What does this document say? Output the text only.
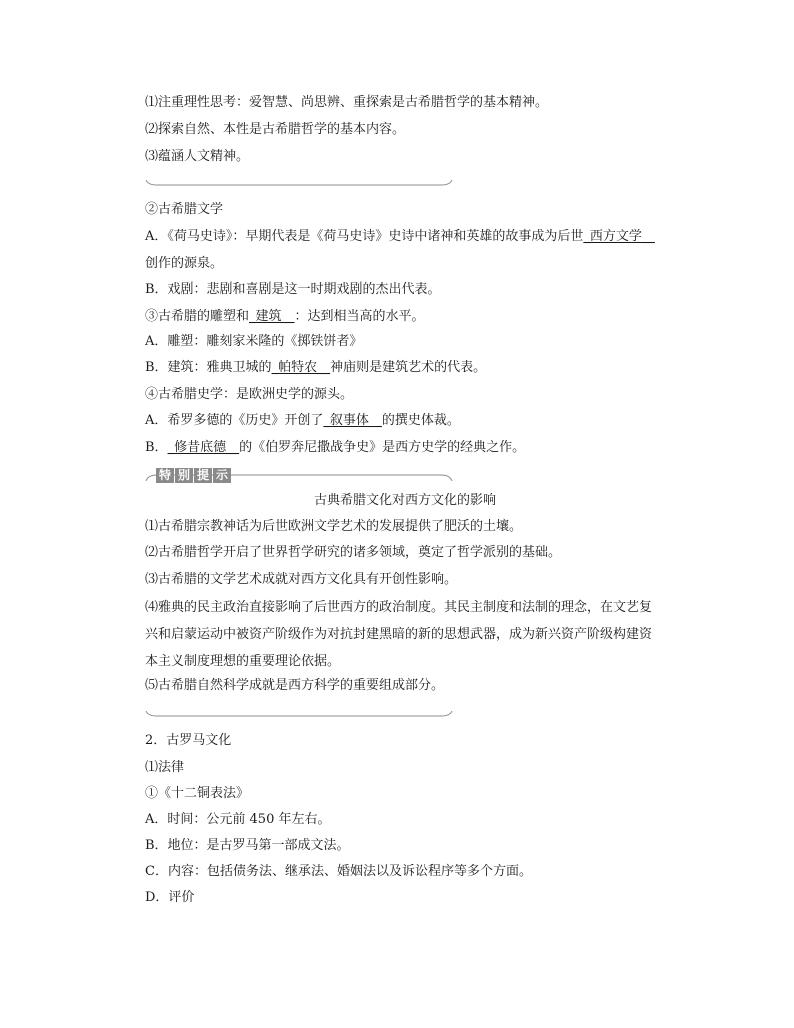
⑴注重理性思考：爱智慧、尚思辨、重探索是古希腊哲学的基本精神。
⑵探索自然、本性是古希腊哲学的基本内容。
⑶蕴涵人文精神。
②古希腊文学
A．《荷马史诗》：早期代表是《荷马史诗》史诗中诸神和英雄的故事成为后世_西方文学__
创作的源泉。
B．戏剧：悲剧和喜剧是这一时期戏剧的杰出代表。
③古希腊的雕塑和_建筑__：达到相当高的水平。
A．雕塑：雕刻家米隆的《掷铁饼者》
B．建筑：雅典卫城的_帕特农__神庙则是建筑艺术的代表。
④古希腊史学：是欧洲史学的源头。
A．希罗多德的《历史》开创了_叙事体__的撰史体裁。
B．_修昔底德__的《伯罗奔尼撒战争史》是西方史学的经典之作。
特 别 提 示
古典希腊文化对西方文化的影响
⑴古希腊宗教神话为后世欧洲文学艺术的发展提供了肥沃的土壤。
⑵古希腊哲学开启了世界哲学研究的诸多领域，奠定了哲学派别的基础。
⑶古希腊的文学艺术成就对西方文化具有开创性影响。
⑷雅典的民主政治直接影响了后世西方的政治制度。其民主制度和法制的理念，在文艺复兴和启蒙运动中被资产阶级作为对抗封建黑暗的新的思想武器，成为新兴资产阶级构建资本主义制度理想的重要理论依据。
⑸古希腊自然科学成就是西方科学的重要组成部分。
2．古罗马文化
⑴法律
①《十二铜表法》
A．时间：公元前 450 年左右。
B．地位：是古罗马第一部成文法。
C．内容：包括债务法、继承法、婚姻法以及诉讼程序等多个方面。
D．评价
